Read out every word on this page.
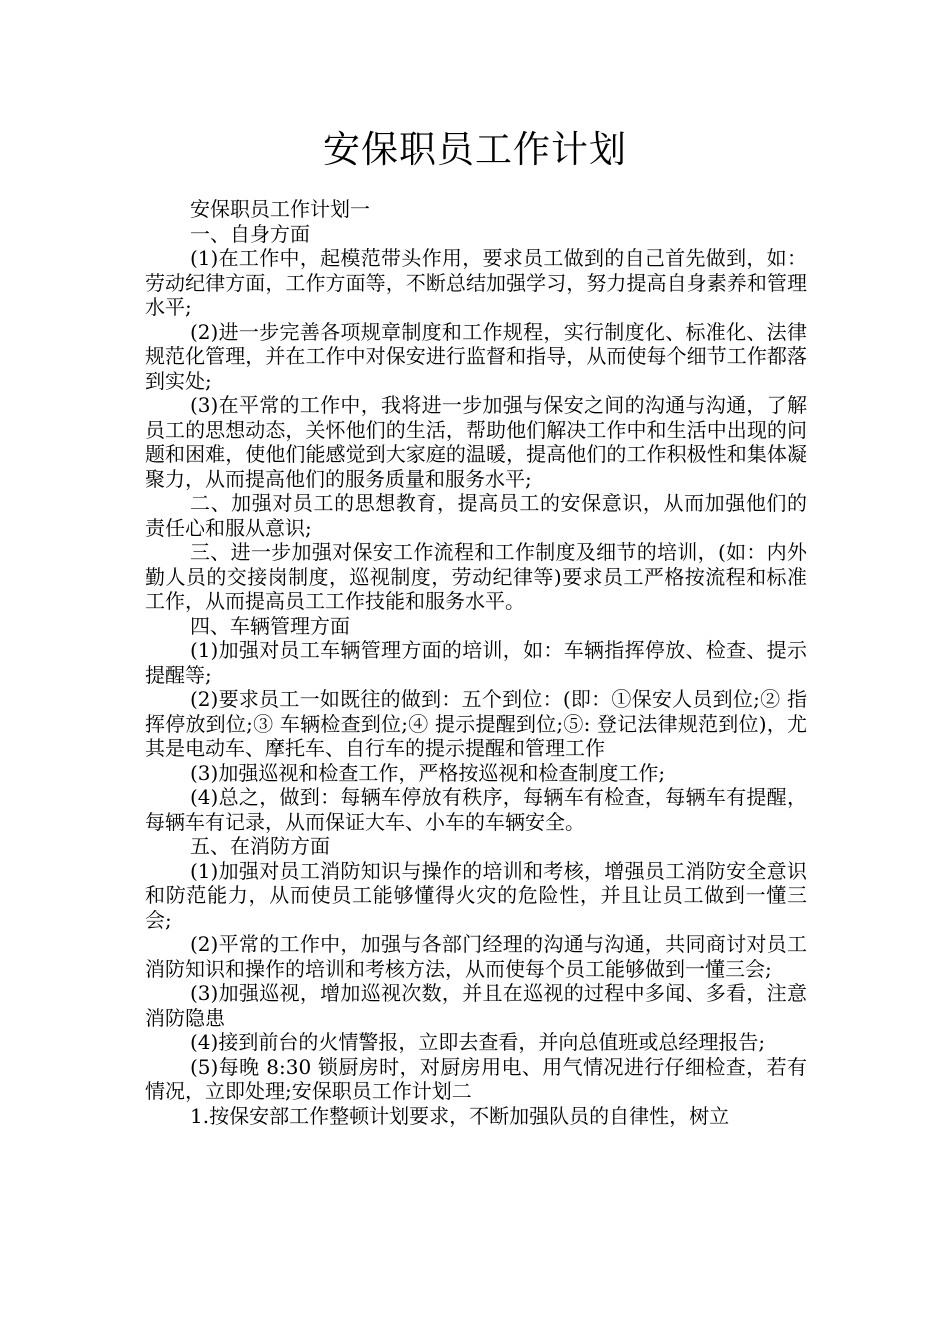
安保职员工作计划

安保职员工作计划一

一、自身方面

(1)在工作中，起模范带头作用，要求员工做到的自己首先做到，如：劳动纪律方面，工作方面等，不断总结加强学习，努力提高自身素养和管理水平;

(2)进一步完善各项规章制度和工作规程，实行制度化、标准化、法律规范化管理，并在工作中对保安进行监督和指导，从而使每个细节工作都落到实处;

(3)在平常的工作中，我将进一步加强与保安之间的沟通与沟通，了解员工的思想动态，关怀他们的生活，帮助他们解决工作中和生活中出现的问题和困难，使他们能感觉到大家庭的温暖，提高他们的工作积极性和集体凝聚力，从而提高他们的服务质量和服务水平;

二、加强对员工的思想教育，提高员工的安保意识，从而加强他们的责任心和服从意识;

三、进一步加强对保安工作流程和工作制度及细节的培训，(如：内外勤人员的交接岗制度，巡视制度，劳动纪律等)要求员工严格按流程和标准工作，从而提高员工工作技能和服务水平。

四、车辆管理方面

(1)加强对员工车辆管理方面的培训，如：车辆指挥停放、检查、提示提醒等;

(2)要求员工一如既往的做到：五个到位：(即：①保安人员到位;② 指挥停放到位;③ 车辆检查到位;④ 提示提醒到位;⑤: 登记法律规范到位)，尤其是电动车、摩托车、自行车的提示提醒和管理工作

(3)加强巡视和检查工作，严格按巡视和检查制度工作;

(4)总之，做到：每辆车停放有秩序，每辆车有检查，每辆车有提醒，每辆车有记录，从而保证大车、小车的车辆安全。

五、在消防方面

(1)加强对员工消防知识与操作的培训和考核，增强员工消防安全意识和防范能力，从而使员工能够懂得火灾的危险性，并且让员工做到一懂三会;

(2)平常的工作中，加强与各部门经理的沟通与沟通，共同商讨对员工消防知识和操作的培训和考核方法，从而使每个员工能够做到一懂三会;

(3)加强巡视，增加巡视次数，并且在巡视的过程中多闻、多看，注意消防隐患

(4)接到前台的火情警报，立即去查看，并向总值班或总经理报告;

(5)每晚 8:30 锁厨房时，对厨房用电、用气情况进行仔细检查，若有情况，立即处理;安保职员工作计划二

1.按保安部工作整顿计划要求，不断加强队员的自律性，树立
